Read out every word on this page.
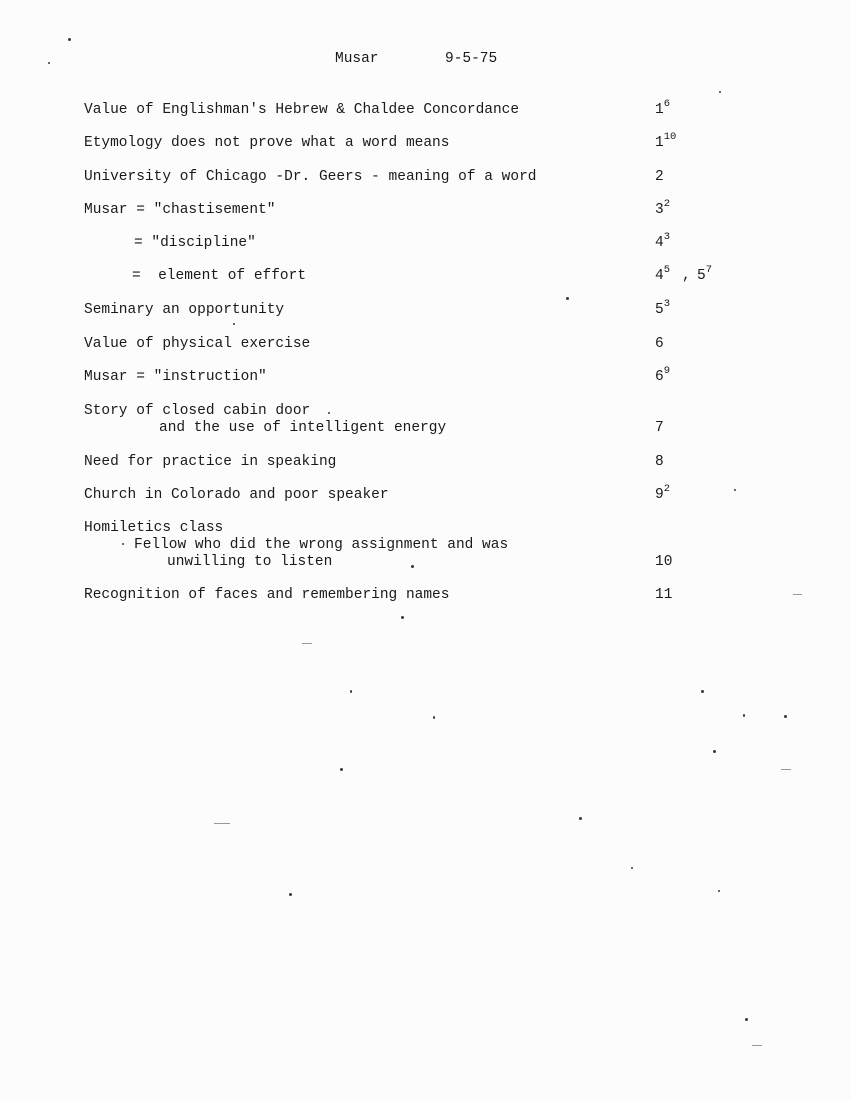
Musar	9-5-75
Value of Englishman's Hebrew & Chaldee Concordance	$1^6$
Etymology does not prove what a word means	$1^{10}$
University of Chicago -Dr. Geers - meaning of a word	2
Musar = "chastisement"	$3^2$
= "discipline"	$4^3$
=  element of effort	$4^5$ , $5^7$
Seminary an opportunity	$5^3$
Value of physical exercise	6
Musar = "instruction"	$6^9$
Story of closed cabin door
and the use of intelligent energy	7
Need for practice in speaking	8
Church in Colorado and poor speaker	$9^2$
Homiletics class
Fellow who did the wrong assignment and was
unwilling to listen	10
Recognition of faces and remembering names	11
